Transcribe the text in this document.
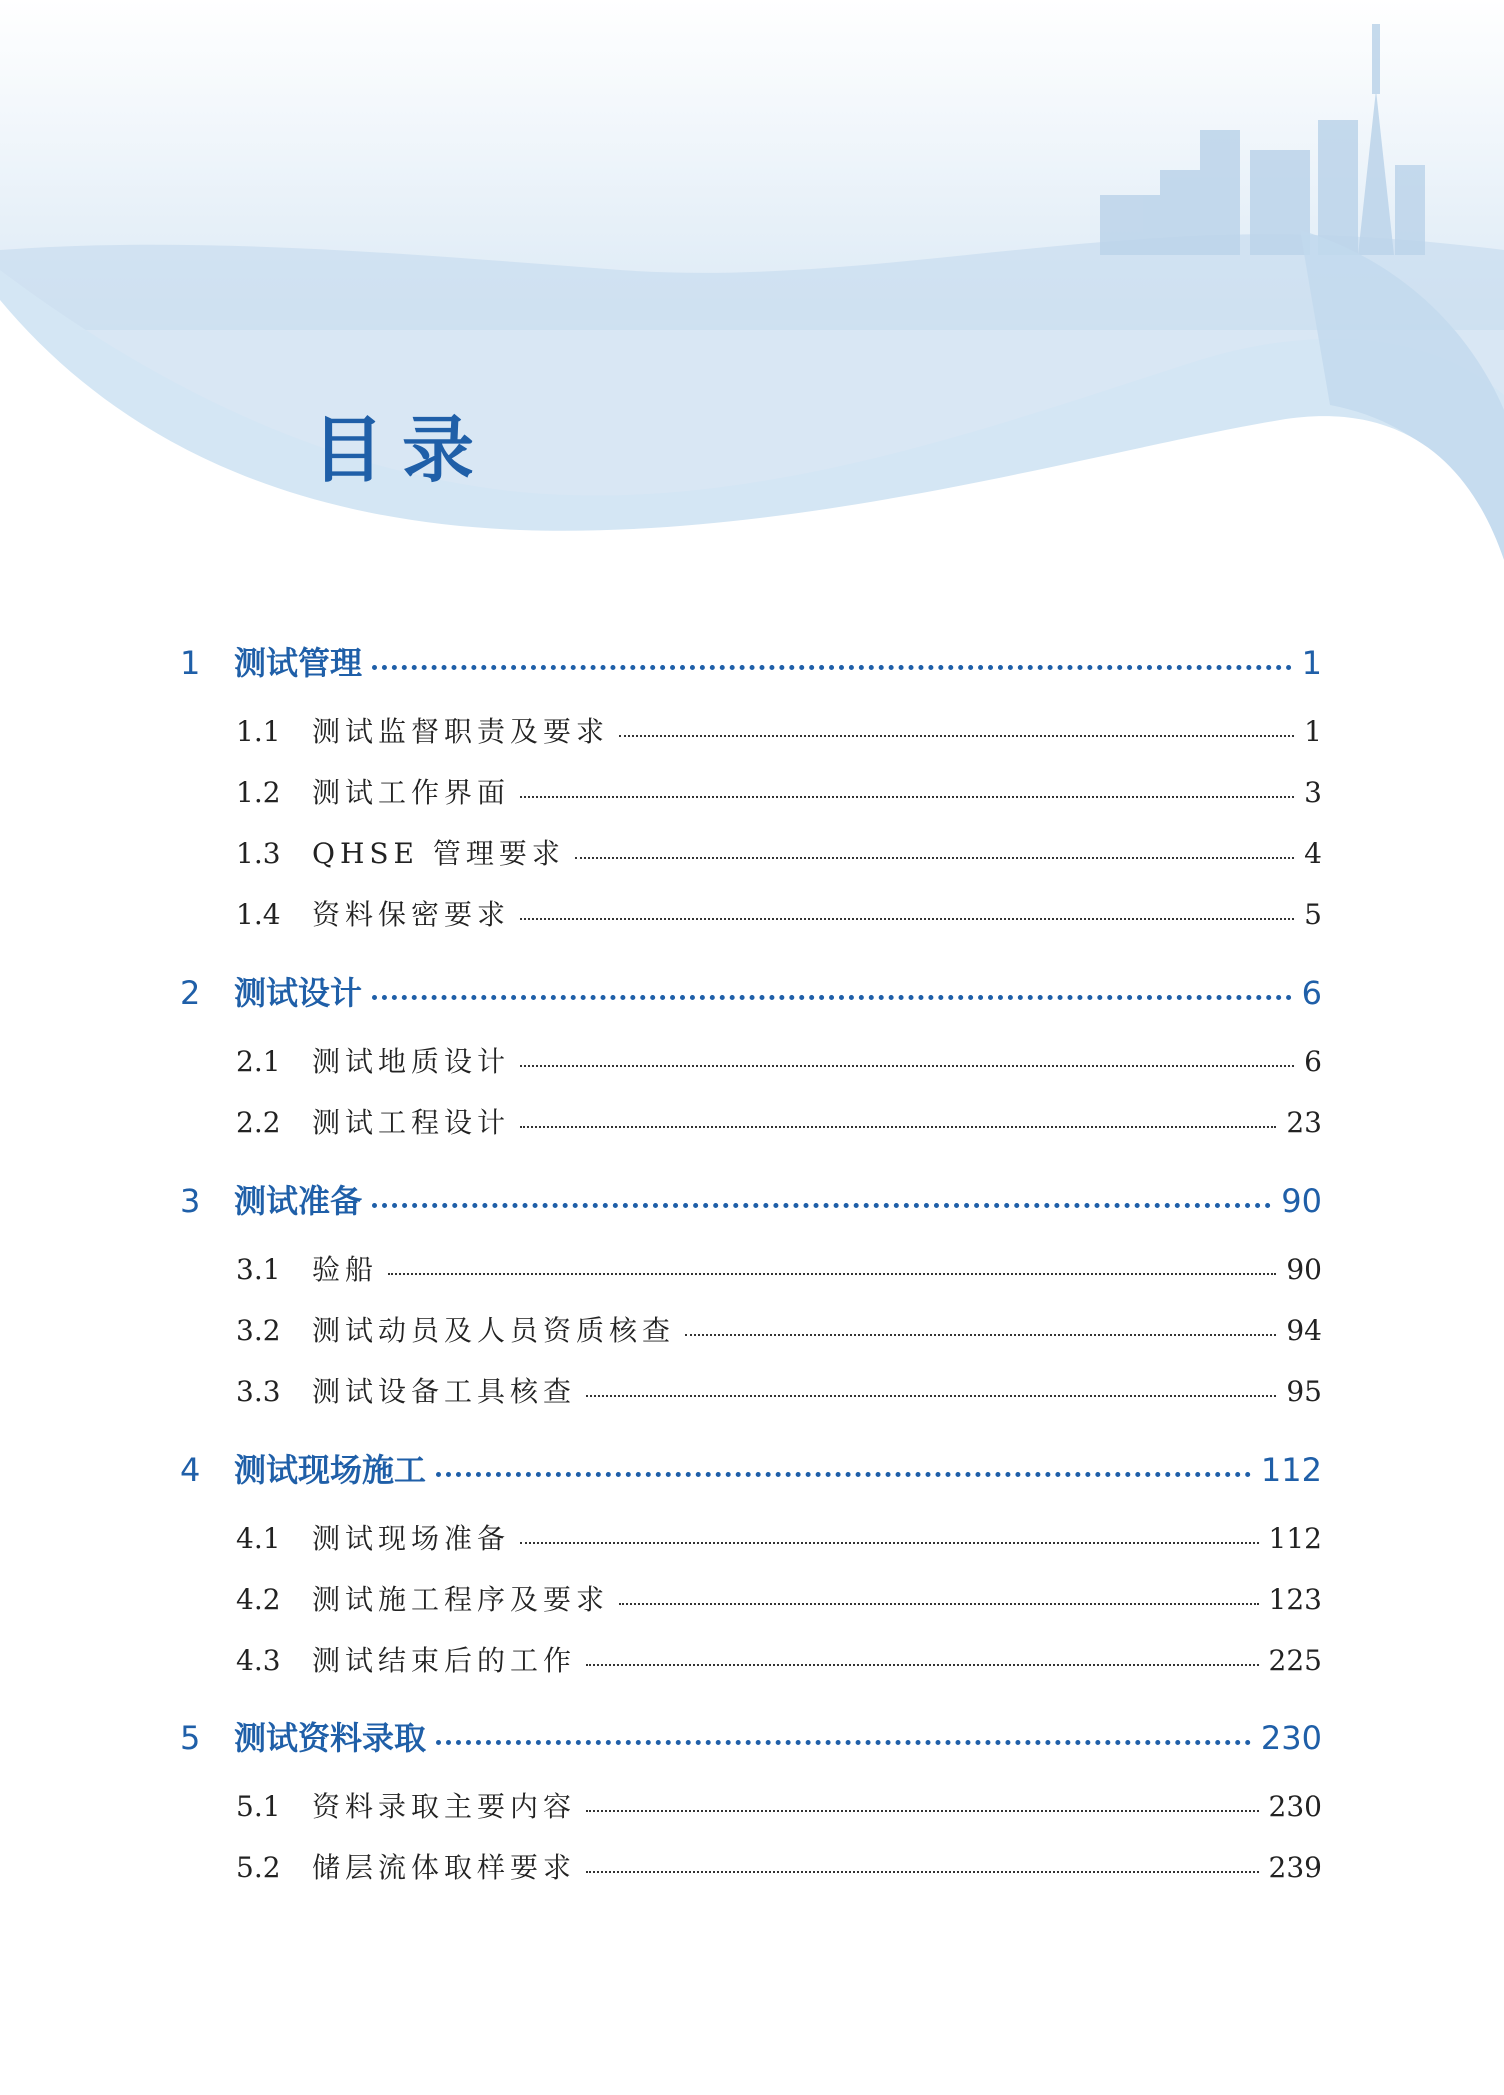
目录
1	测试管理	1
1.1	测试监督职责及要求	1
1.2	测试工作界面	3
1.3	QHSE 管理要求	4
1.4	资料保密要求	5
2	测试设计	6
2.1	测试地质设计	6
2.2	测试工程设计	23
3	测试准备	90
3.1	验船	90
3.2	测试动员及人员资质核查	94
3.3	测试设备工具核查	95
4	测试现场施工	112
4.1	测试现场准备	112
4.2	测试施工程序及要求	123
4.3	测试结束后的工作	225
5	测试资料录取	230
5.1	资料录取主要内容	230
5.2	储层流体取样要求	239
